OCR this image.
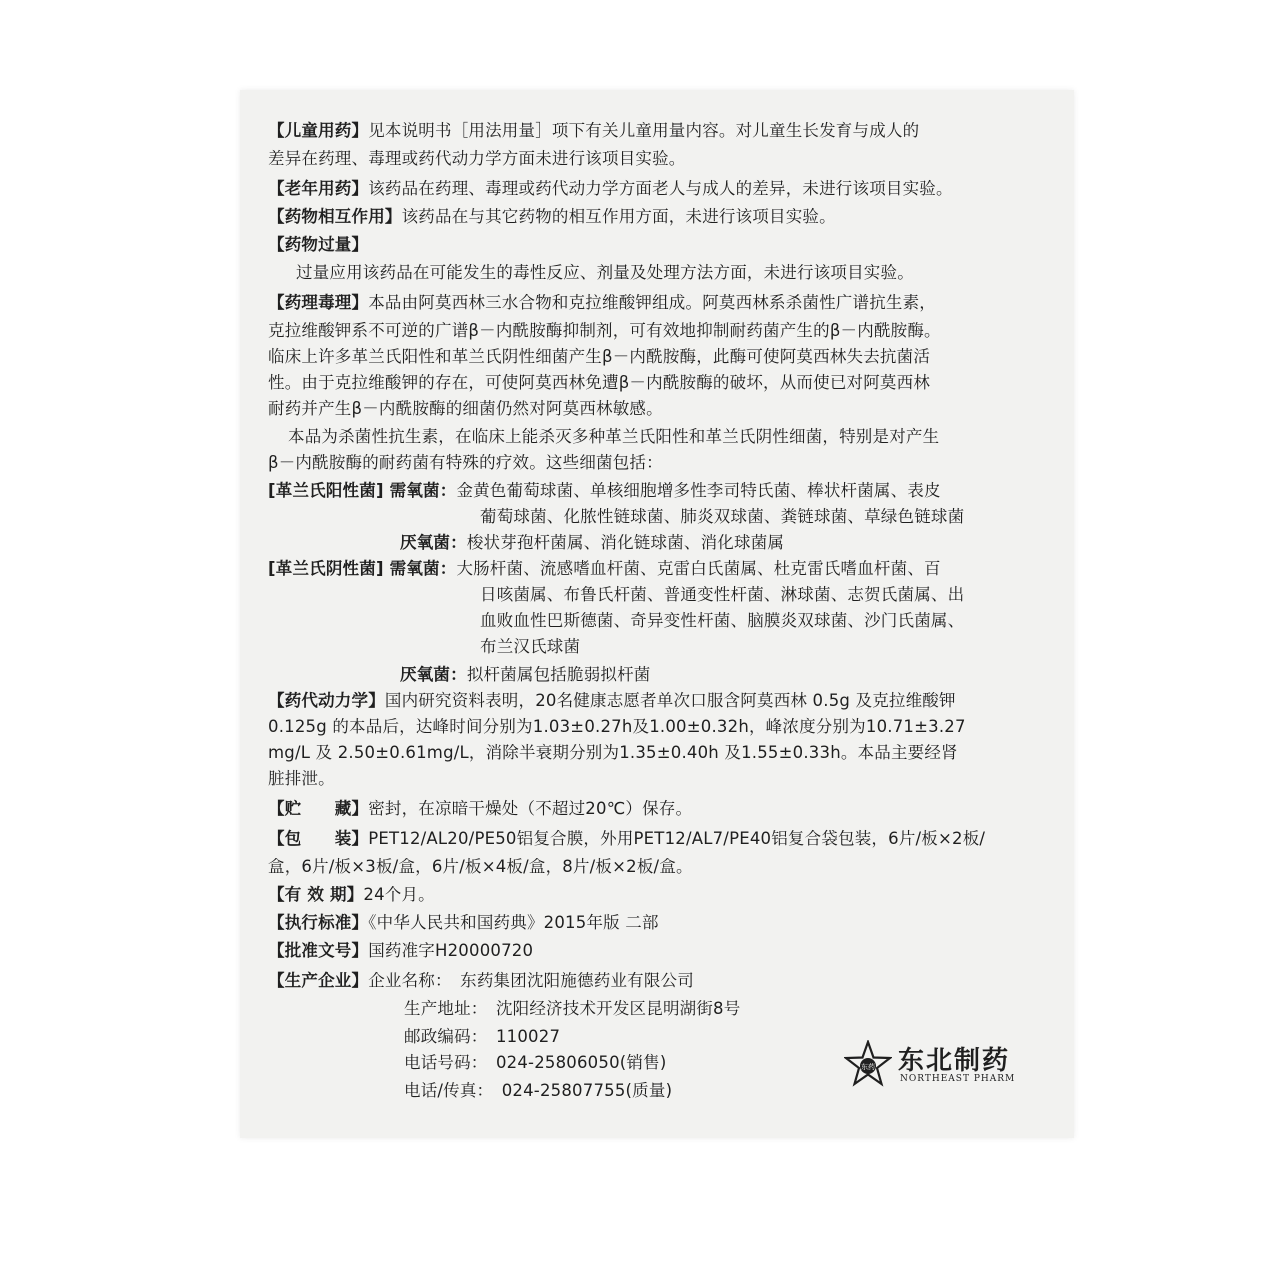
【儿童用药】见本说明书［用法用量］项下有关儿童用量内容。对儿童生长发育与成人的
差异在药理、毒理或药代动力学方面未进行该项目实验。
【老年用药】该药品在药理、毒理或药代动力学方面老人与成人的差异，未进行该项目实验。
【药物相互作用】该药品在与其它药物的相互作用方面，未进行该项目实验。
【药物过量】
过量应用该药品在可能发生的毒性反应、剂量及处理方法方面，未进行该项目实验。
【药理毒理】本品由阿莫西林三水合物和克拉维酸钾组成。阿莫西林系杀菌性广谱抗生素，
克拉维酸钾系不可逆的广谱β－内酰胺酶抑制剂，可有效地抑制耐药菌产生的β－内酰胺酶。
临床上许多革兰氏阳性和革兰氏阴性细菌产生β－内酰胺酶，此酶可使阿莫西林失去抗菌活
性。由于克拉维酸钾的存在，可使阿莫西林免遭β－内酰胺酶的破坏，从而使已对阿莫西林
耐药并产生β－内酰胺酶的细菌仍然对阿莫西林敏感。
本品为杀菌性抗生素，在临床上能杀灭多种革兰氏阳性和革兰氏阴性细菌，特别是对产生
β－内酰胺酶的耐药菌有特殊的疗效。这些细菌包括：
[革兰氏阳性菌] 需氧菌：金黄色葡萄球菌、单核细胞增多性李司特氏菌、棒状杆菌属、表皮
葡萄球菌、化脓性链球菌、肺炎双球菌、粪链球菌、草绿色链球菌
厌氧菌：梭状芽孢杆菌属、消化链球菌、消化球菌属
[革兰氏阴性菌] 需氧菌：大肠杆菌、流感嗜血杆菌、克雷白氏菌属、杜克雷氏嗜血杆菌、百
日咳菌属、布鲁氏杆菌、普通变性杆菌、淋球菌、志贺氏菌属、出
血败血性巴斯德菌、奇异变性杆菌、脑膜炎双球菌、沙门氏菌属、
布兰汉氏球菌
厌氧菌：拟杆菌属包括脆弱拟杆菌
【药代动力学】国内研究资料表明，20名健康志愿者单次口服含阿莫西林 0.5g 及克拉维酸钾
0.125g 的本品后，达峰时间分别为1.03±0.27h及1.00±0.32h，峰浓度分别为10.71±3.27
mg/L 及 2.50±0.61mg/L，消除半衰期分别为1.35±0.40h 及1.55±0.33h。本品主要经肾
脏排泄。
【贮　　藏】密封，在凉暗干燥处（不超过20℃）保存。
【包　　装】PET12/AL20/PE50铝复合膜，外用PET12/AL7/PE40铝复合袋包装，6片/板×2板/
盒，6片/板×3板/盒，6片/板×4板/盒，8片/板×2板/盒。
【有 效 期】24个月。
【执行标准】《中华人民共和国药典》2015年版 二部
【批准文号】国药准字H20000720
【生产企业】企业名称：　东药集团沈阳施德药业有限公司
生产地址：　沈阳经济技术开发区昆明湖街8号
邮政编码：　110027
电话号码：　024-25806050(销售)
电话/传真：　024-25807755(质量)
东药 东北制药
NORTHEAST PHARM
